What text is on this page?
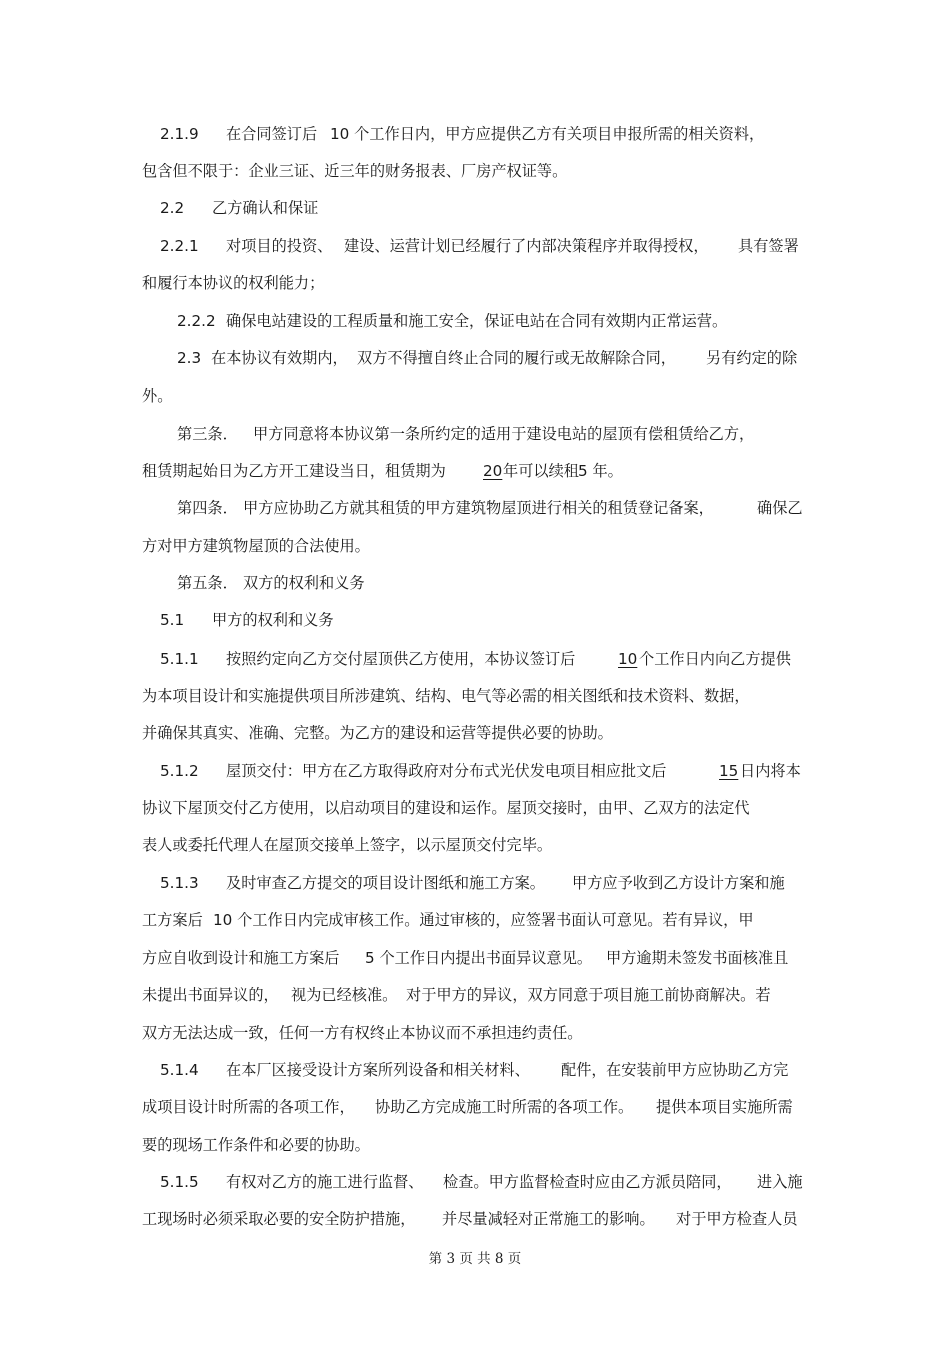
2.1.9 在合同签订后 10 个工作日内，甲方应提供乙方有关项目申报所需的相关资料，
包含但不限于：企业三证、近三年的财务报表、厂房产权证等。
2.2 乙方确认和保证
2.2.1 对项目的投资、 建设、运营计划已经履行了内部决策程序并取得授权， 具有签署
和履行本协议的权利能力；
2.2.2 确保电站建设的工程质量和施工安全，保证电站在合同有效期内正常运营。
2.3 在本协议有效期内， 双方不得擅自终止合同的履行或无故解除合同， 另有约定的除
外。
第三条． 甲方同意将本协议第一条所约定的适用于建设电站的屋顶有偿租赁给乙方，
租赁期起始日为乙方开工建设当日，租赁期为 20 年可以续租 5 年。
第四条． 甲方应协助乙方就其租赁的甲方建筑物屋顶进行相关的租赁登记备案，	确保乙
方对甲方建筑物屋顶的合法使用。
第五条． 双方的权利和义务
5.1 甲方的权利和义务
5.1.1 按照约定向乙方交付屋顶供乙方使用，本协议签订后	10 个工作日内向乙方提供
为本项目设计和实施提供项目所涉建筑、结构、电气等必需的相关图纸和技术资料、数据，
并确保其真实、准确、完整。为乙方的建设和运营等提供必要的协助。
5.1.2 屋顶交付：甲方在乙方取得政府对分布式光伏发电项目相应批文后	15 日内将本
协议下屋顶交付乙方使用，以启动项目的建设和运作。屋顶交接时，由甲、乙双方的法定代
表人或委托代理人在屋顶交接单上签字，以示屋顶交付完毕。
5.1.3 及时审查乙方提交的项目设计图纸和施工方案。 甲方应予收到乙方设计方案和施
工方案后 10 个工作日内完成审核工作。通过审核的，应签署书面认可意见。若有异议，甲
方应自收到设计和施工方案后 5 个工作日内提出书面异议意见。 甲方逾期未签发书面核准且
未提出书面异议的， 视为已经核准。 对于甲方的异议，双方同意于项目施工前协商解决。若
双方无法达成一致，任何一方有权终止本协议而不承担违约责任。
5.1.4 在本厂区接受设计方案所列设备和相关材料、 配件， 在安装前甲方应协助乙方完
成项目设计时所需的各项工作， 协助乙方完成施工时所需的各项工作。 提供本项目实施所需
要的现场工作条件和必要的协助。
5.1.5 有权对乙方的施工进行监督、 检查。甲方监督检查时应由乙方派员陪同， 进入施
工现场时必须采取必要的安全防护措施， 并尽量减轻对正常施工的影响。 对于甲方检查人员
第 3 页 共 8 页
